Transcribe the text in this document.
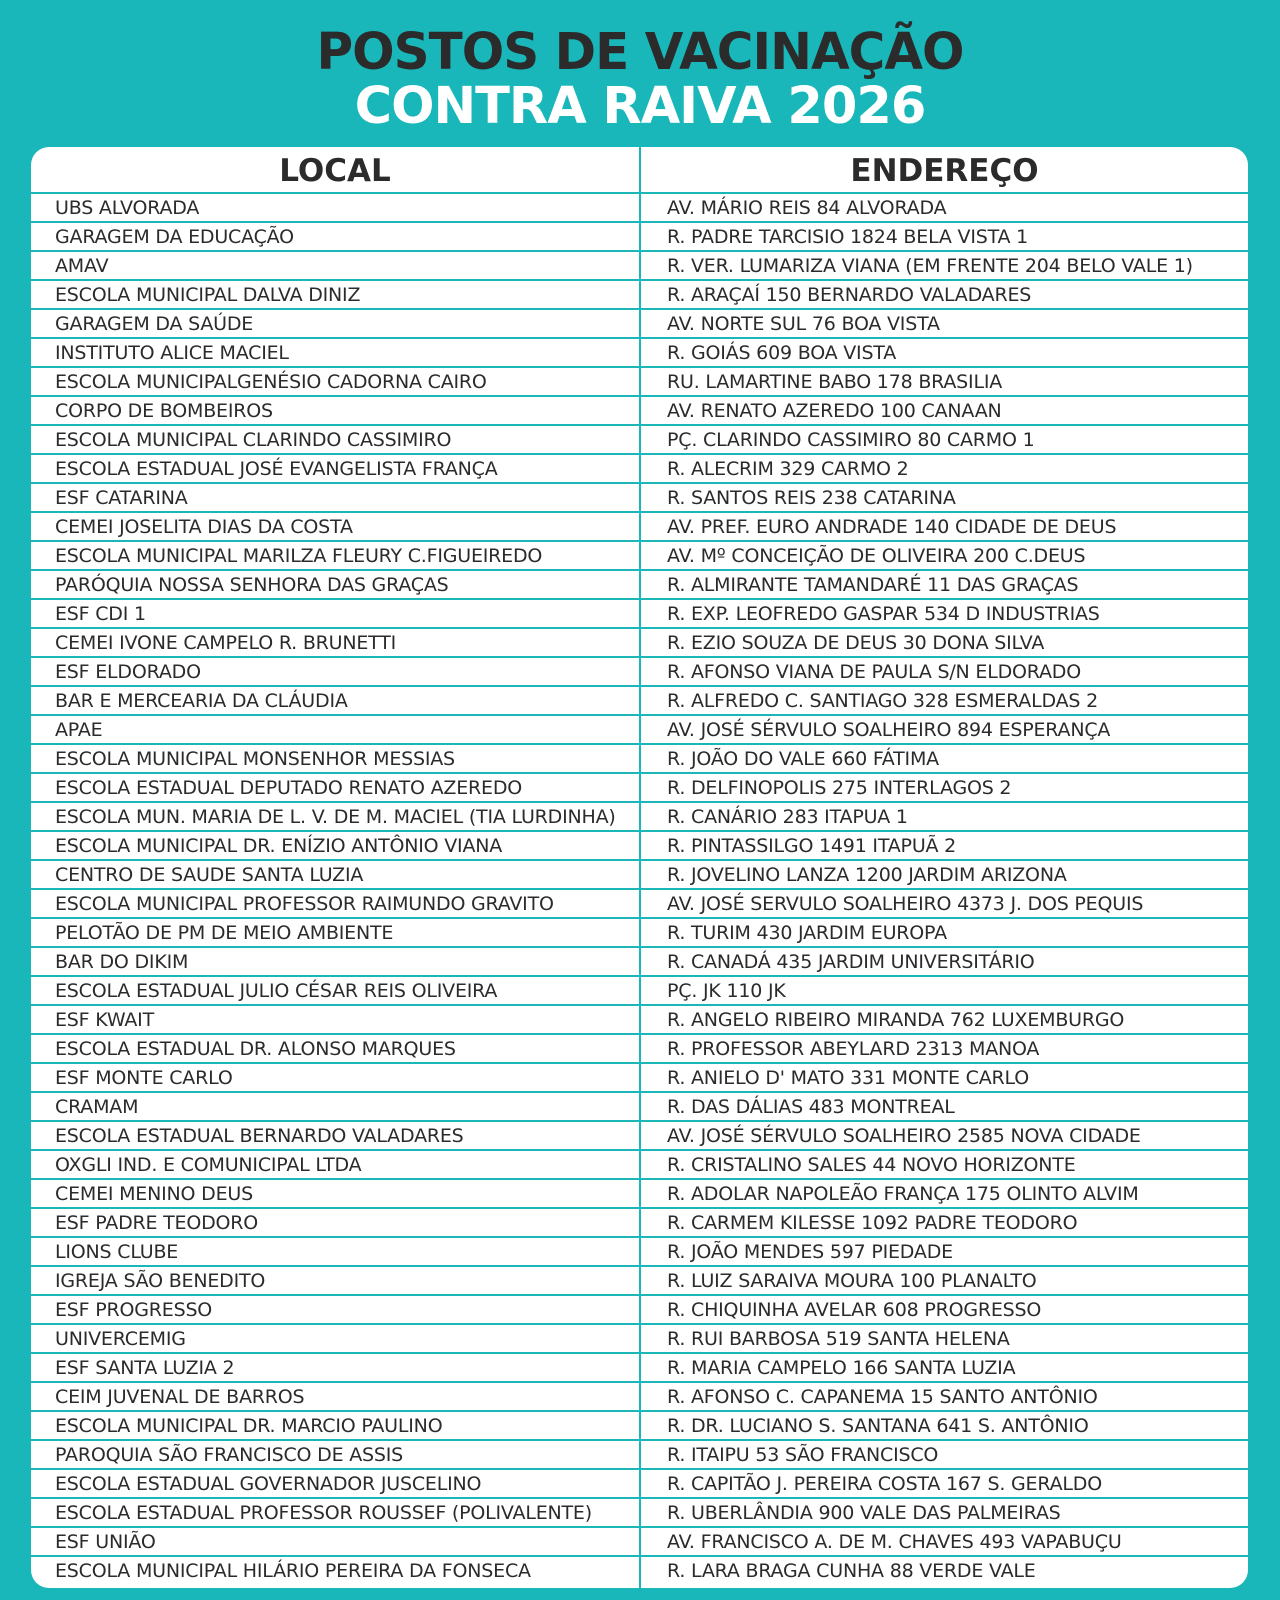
POSTOS DE VACINAÇÃO
CONTRA RAIVA 2026
LOCAL	ENDEREÇO
UBS ALVORADA	AV. MÁRIO REIS 84 ALVORADA
GARAGEM DA EDUCAÇÃO	R. PADRE TARCISIO 1824 BELA VISTA 1
AMAV	R. VER. LUMARIZA VIANA (EM FRENTE 204 BELO VALE 1)
ESCOLA MUNICIPAL DALVA DINIZ	R. ARAÇAÍ 150 BERNARDO VALADARES
GARAGEM DA SAÚDE	AV. NORTE SUL 76 BOA VISTA
INSTITUTO ALICE MACIEL	R. GOIÁS 609 BOA VISTA
ESCOLA MUNICIPALGENÉSIO CADORNA CAIRO	RU. LAMARTINE BABO 178 BRASILIA
CORPO DE BOMBEIROS	AV. RENATO AZEREDO 100 CANAAN
ESCOLA MUNICIPAL CLARINDO CASSIMIRO	PÇ. CLARINDO CASSIMIRO 80 CARMO 1
ESCOLA ESTADUAL JOSÉ EVANGELISTA FRANÇA	R. ALECRIM 329 CARMO 2
ESF CATARINA	R. SANTOS REIS 238 CATARINA
CEMEI JOSELITA DIAS DA COSTA	AV. PREF. EURO ANDRADE 140 CIDADE DE DEUS
ESCOLA MUNICIPAL MARILZA FLEURY C.FIGUEIREDO	AV. Mº CONCEIÇÃO DE OLIVEIRA 200 C.DEUS
PARÓQUIA NOSSA SENHORA DAS GRAÇAS	R. ALMIRANTE TAMANDARÉ 11 DAS GRAÇAS
ESF CDI 1	R. EXP. LEOFREDO GASPAR 534 D INDUSTRIAS
CEMEI IVONE CAMPELO R. BRUNETTI	R. EZIO SOUZA DE DEUS 30 DONA SILVA
ESF ELDORADO	R. AFONSO VIANA DE PAULA S/N ELDORADO
BAR E MERCEARIA DA CLÁUDIA	R. ALFREDO C. SANTIAGO 328 ESMERALDAS 2
APAE	AV. JOSÉ SÉRVULO SOALHEIRO 894 ESPERANÇA
ESCOLA MUNICIPAL MONSENHOR MESSIAS	R. JOÃO DO VALE 660 FÁTIMA
ESCOLA ESTADUAL DEPUTADO RENATO AZEREDO	R. DELFINOPOLIS 275 INTERLAGOS 2
ESCOLA MUN. MARIA DE L. V. DE M. MACIEL (TIA LURDINHA)	R. CANÁRIO 283 ITAPUA 1
ESCOLA MUNICIPAL DR. ENÍZIO ANTÔNIO VIANA	R. PINTASSILGO 1491 ITAPUÃ 2
CENTRO DE SAUDE SANTA LUZIA	R. JOVELINO LANZA 1200 JARDIM ARIZONA
ESCOLA MUNICIPAL PROFESSOR RAIMUNDO GRAVITO	AV. JOSÉ SERVULO SOALHEIRO 4373 J. DOS PEQUIS
PELOTÃO DE PM DE MEIO AMBIENTE	R. TURIM 430 JARDIM EUROPA
BAR DO DIKIM	R. CANADÁ 435 JARDIM UNIVERSITÁRIO
ESCOLA ESTADUAL JULIO CÉSAR REIS OLIVEIRA	PÇ. JK 110 JK
ESF KWAIT	R. ANGELO RIBEIRO MIRANDA 762 LUXEMBURGO
ESCOLA ESTADUAL DR. ALONSO MARQUES	R. PROFESSOR ABEYLARD 2313 MANOA
ESF MONTE CARLO	R. ANIELO D' MATO 331 MONTE CARLO
CRAMAM	R. DAS DÁLIAS 483 MONTREAL
ESCOLA ESTADUAL BERNARDO VALADARES	AV. JOSÉ SÉRVULO SOALHEIRO 2585 NOVA CIDADE
OXGLI IND. E COMUNICIPAL LTDA	R. CRISTALINO SALES 44 NOVO HORIZONTE
CEMEI MENINO DEUS	R. ADOLAR NAPOLEÃO FRANÇA 175 OLINTO ALVIM
ESF PADRE TEODORO	R. CARMEM KILESSE 1092 PADRE TEODORO
LIONS CLUBE	R. JOÃO MENDES 597 PIEDADE
IGREJA SÃO BENEDITO	R. LUIZ SARAIVA MOURA 100 PLANALTO
ESF PROGRESSO	R. CHIQUINHA AVELAR 608 PROGRESSO
UNIVERCEMIG	R. RUI BARBOSA 519 SANTA HELENA
ESF SANTA LUZIA 2	R. MARIA CAMPELO 166 SANTA LUZIA
CEIM JUVENAL DE BARROS	R. AFONSO C. CAPANEMA 15 SANTO ANTÔNIO
ESCOLA MUNICIPAL DR. MARCIO PAULINO	R. DR. LUCIANO S. SANTANA 641 S. ANTÔNIO
PAROQUIA SÃO FRANCISCO DE ASSIS	R. ITAIPU 53 SÃO FRANCISCO
ESCOLA ESTADUAL GOVERNADOR JUSCELINO	R. CAPITÃO J. PEREIRA COSTA 167 S. GERALDO
ESCOLA ESTADUAL PROFESSOR ROUSSEF (POLIVALENTE)	R. UBERLÂNDIA 900 VALE DAS PALMEIRAS
ESF UNIÃO	AV. FRANCISCO A. DE M. CHAVES 493 VAPABUÇU
ESCOLA MUNICIPAL HILÁRIO PEREIRA DA FONSECA	R. LARA BRAGA CUNHA 88 VERDE VALE
